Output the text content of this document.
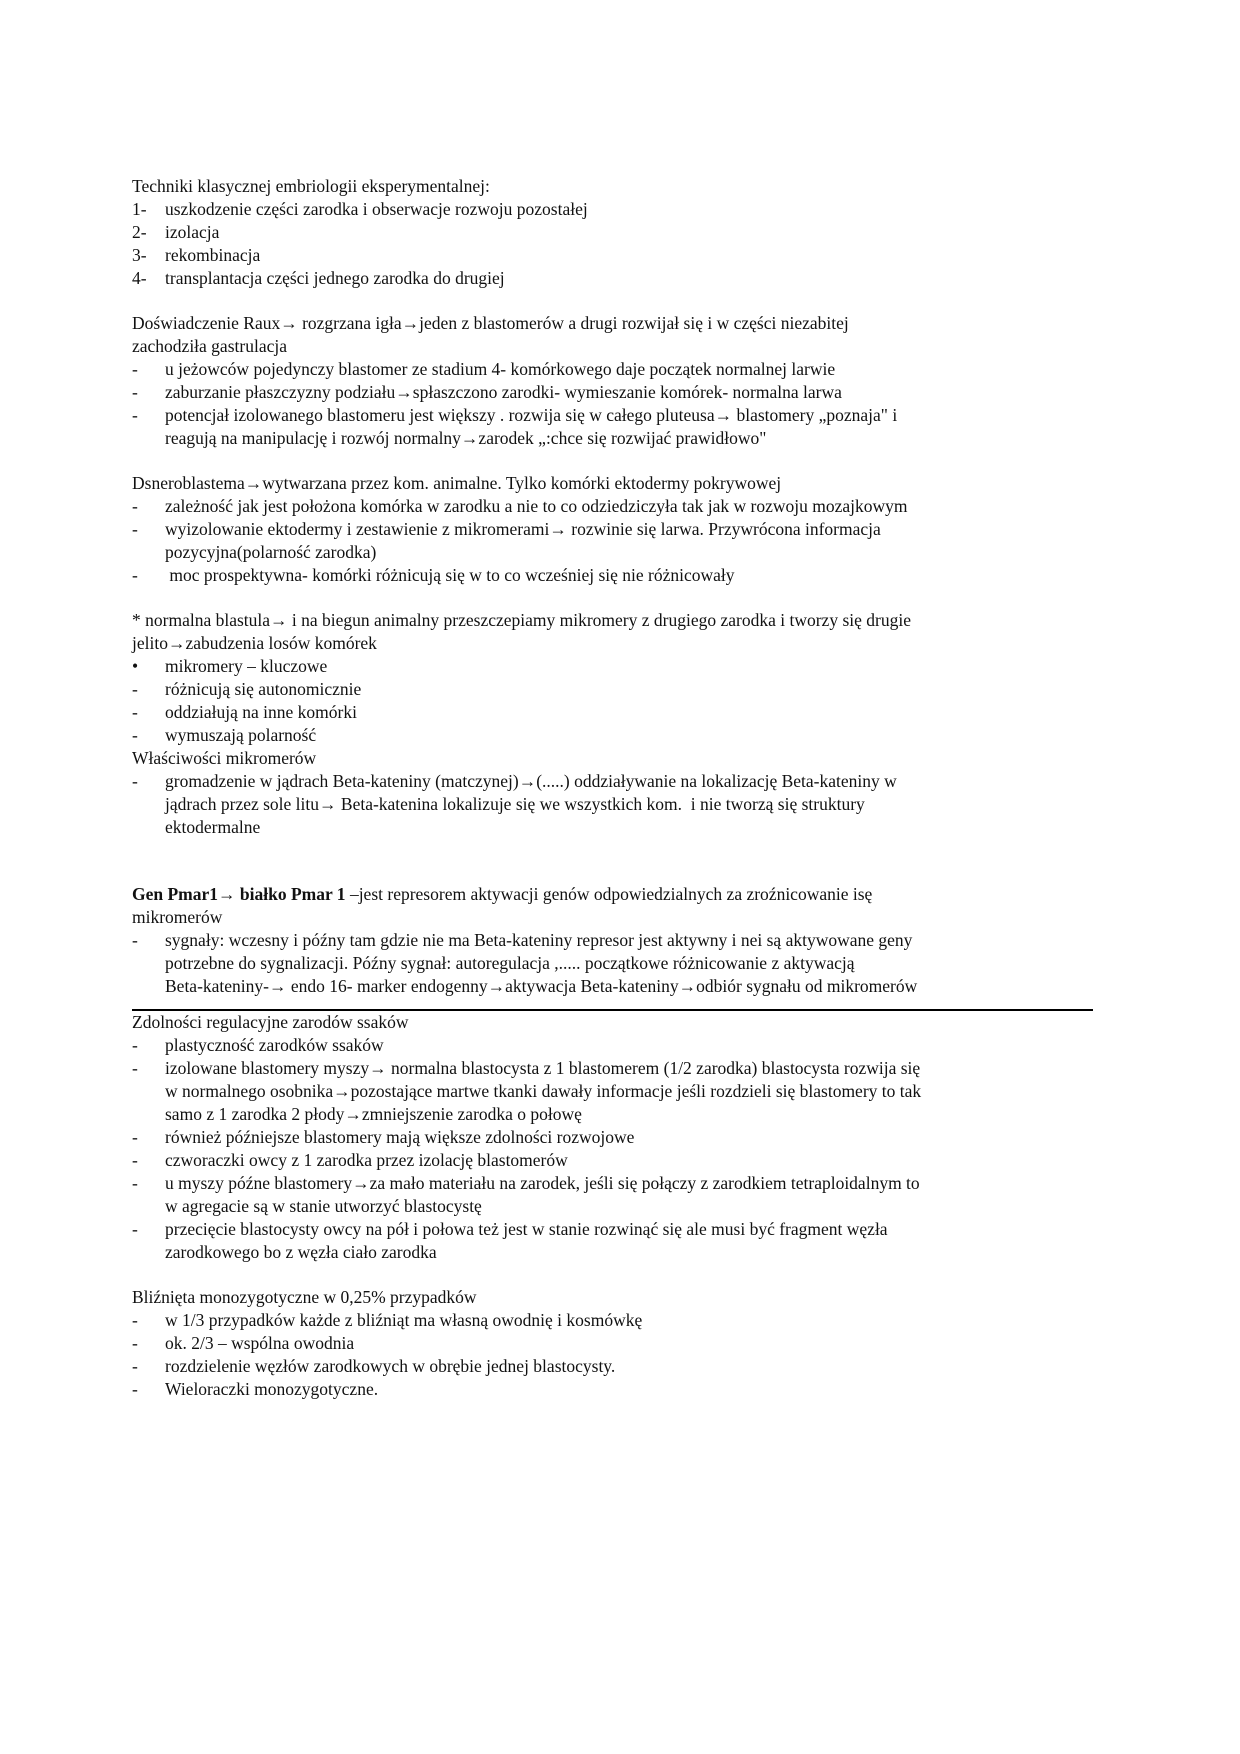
Techniki klasycznej embriologii eksperymentalnej:
1-	uszkodzenie części zarodka i obserwacje rozwoju pozostałej
2-	izolacja
3-	rekombinacja
4-	transplantacja części jednego zarodka do drugiej
Doświadczenie Raux→ rozgrzana igła→jeden z blastomerów a drugi rozwijał się i w części niezabitej
zachodziła gastrulacja
-	u jeżowców pojedynczy blastomer ze stadium 4- komórkowego daje początek normalnej larwie
-	zaburzanie płaszczyzny podziału→spłaszczono zarodki- wymieszanie komórek- normalna larwa
-	potencjał izolowanego blastomeru jest większy . rozwija się w całego pluteusa→ blastomery „poznaja" i
reagują na manipulację i rozwój normalny→zarodek „:chce się rozwijać prawidłowo"
Dsneroblastema→wytwarzana przez kom. animalne. Tylko komórki ektodermy pokrywowej
-	zależność jak jest położona komórka w zarodku a nie to co odziedziczyła tak jak w rozwoju mozajkowym
-	wyizolowanie ektodermy i zestawienie z mikromerami→ rozwinie się larwa. Przywrócona informacja
pozycyjna(polarność zarodka)
-	moc prospektywna- komórki różnicują się w to co wcześniej się nie różnicowały
* normalna blastula→ i na biegun animalny przeszczepiamy mikromery z drugiego zarodka i tworzy się drugie
jelito→zabudzenia losów komórek
•	mikromery – kluczowe
-	różnicują się autonomicznie
-	oddziałują na inne komórki
-	wymuszają polarność
Właściwości mikromerów
-	gromadzenie w jądrach Beta-kateniny (matczynej)→(.....) oddziaływanie na lokalizację Beta-kateniny w
jądrach przez sole litu→ Beta-katenina lokalizuje się we wszystkich kom.  i nie tworzą się struktury
ektodermalne
Gen Pmar1→ białko Pmar 1 –jest represorem aktywacji genów odpowiedzialnych za zroźnicowanie isę
mikromerów
-	sygnały: wczesny i późny tam gdzie nie ma Beta-kateniny represor jest aktywny i nei są aktywowane geny
potrzebne do sygnalizacji. Późny sygnał: autoregulacja ,..... początkowe różnicowanie z aktywacją
Beta-kateniny-→ endo 16- marker endogenny→aktywacja Beta-kateniny→odbiór sygnału od mikromerów
Zdolności regulacyjne zarodów ssaków
-	plastyczność zarodków ssaków
-	izolowane blastomery myszy→ normalna blastocysta z 1 blastomerem (1/2 zarodka) blastocysta rozwija się
w normalnego osobnika→pozostające martwe tkanki dawały informacje jeśli rozdzieli się blastomery to tak
samo z 1 zarodka 2 płody→zmniejszenie zarodka o połowę
-	również późniejsze blastomery mają większe zdolności rozwojowe
-	czworaczki owcy z 1 zarodka przez izolację blastomerów
-	u myszy późne blastomery→za mało materiału na zarodek, jeśli się połączy z zarodkiem tetraploidalnym to
w agregacie są w stanie utworzyć blastocystę
-	przecięcie blastocysty owcy na pół i połowa też jest w stanie rozwinąć się ale musi być fragment węzła
zarodkowego bo z węzła ciało zarodka
Bliźnięta monozygotyczne w 0,25% przypadków
-	w 1/3 przypadków każde z bliźniąt ma własną owodnię i kosmówkę
-	ok. 2/3 – wspólna owodnia
-	rozdzielenie węzłów zarodkowych w obrębie jednej blastocysty.
-	Wieloraczki monozygotyczne.
